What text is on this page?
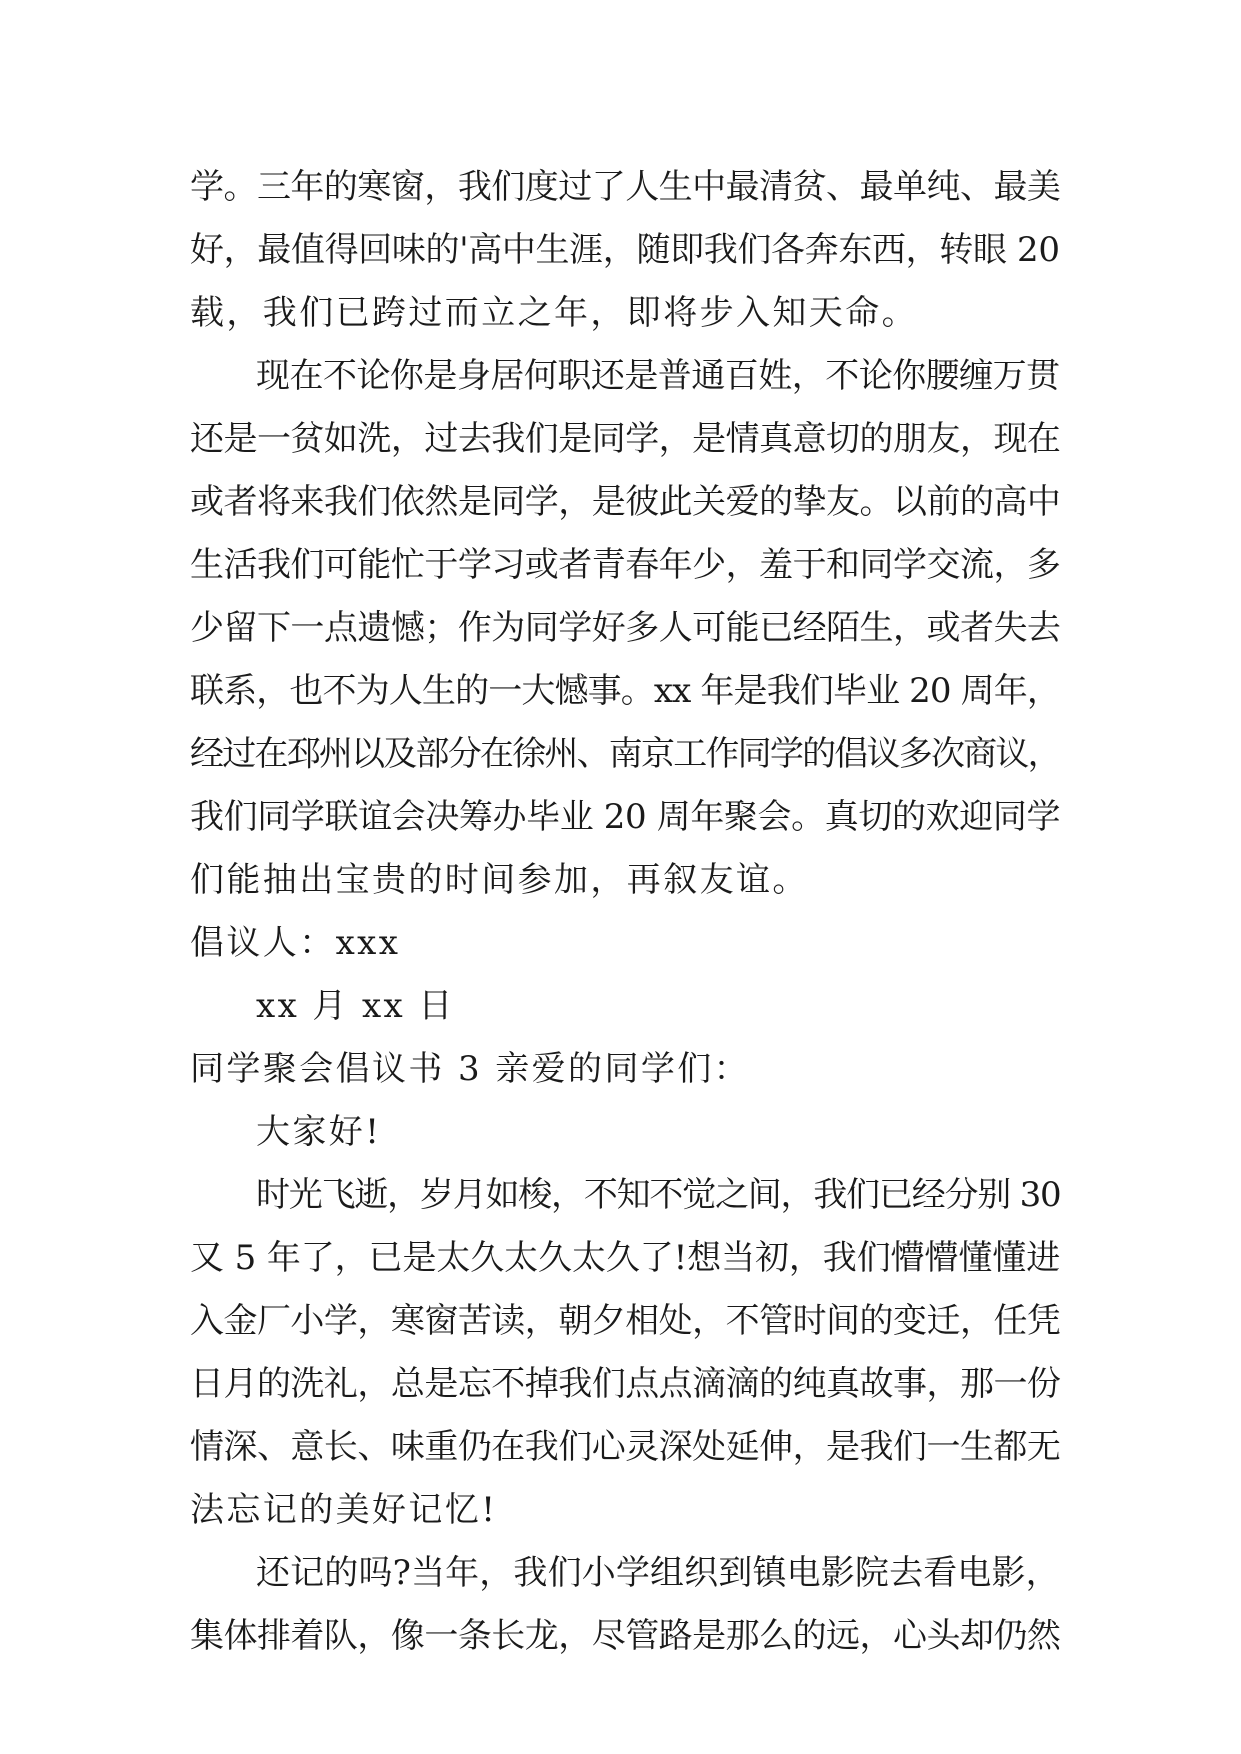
学。三年的寒窗，我们度过了人生中最清贫、最单纯、最美
好，最值得回味的'高中生涯，随即我们各奔东西，转眼 20
载，我们已跨过而立之年，即将步入知天命。
现在不论你是身居何职还是普通百姓，不论你腰缠万贯
还是一贫如洗，过去我们是同学，是情真意切的朋友，现在
或者将来我们依然是同学，是彼此关爱的挚友。以前的高中
生活我们可能忙于学习或者青春年少，羞于和同学交流，多
少留下一点遗憾；作为同学好多人可能已经陌生，或者失去
联系，也不为人生的一大憾事。xx 年是我们毕业 20 周年，
经过在邳州以及部分在徐州、南京工作同学的倡议多次商议，
我们同学联谊会决筹办毕业 20 周年聚会。真切的欢迎同学
们能抽出宝贵的时间参加，再叙友谊。
倡议人：xxx
xx 月 xx 日
同学聚会倡议书 3 亲爱的同学们：
大家好!
时光飞逝，岁月如梭，不知不觉之间，我们已经分别 30
又 5 年了，已是太久太久太久了!想当初，我们懵懵懂懂进
入金厂小学，寒窗苦读，朝夕相处，不管时间的变迁，任凭
日月的洗礼，总是忘不掉我们点点滴滴的纯真故事，那一份
情深、意长、味重仍在我们心灵深处延伸，是我们一生都无
法忘记的美好记忆!
还记的吗?当年，我们小学组织到镇电影院去看电影，
集体排着队，像一条长龙，尽管路是那么的远，心头却仍然
